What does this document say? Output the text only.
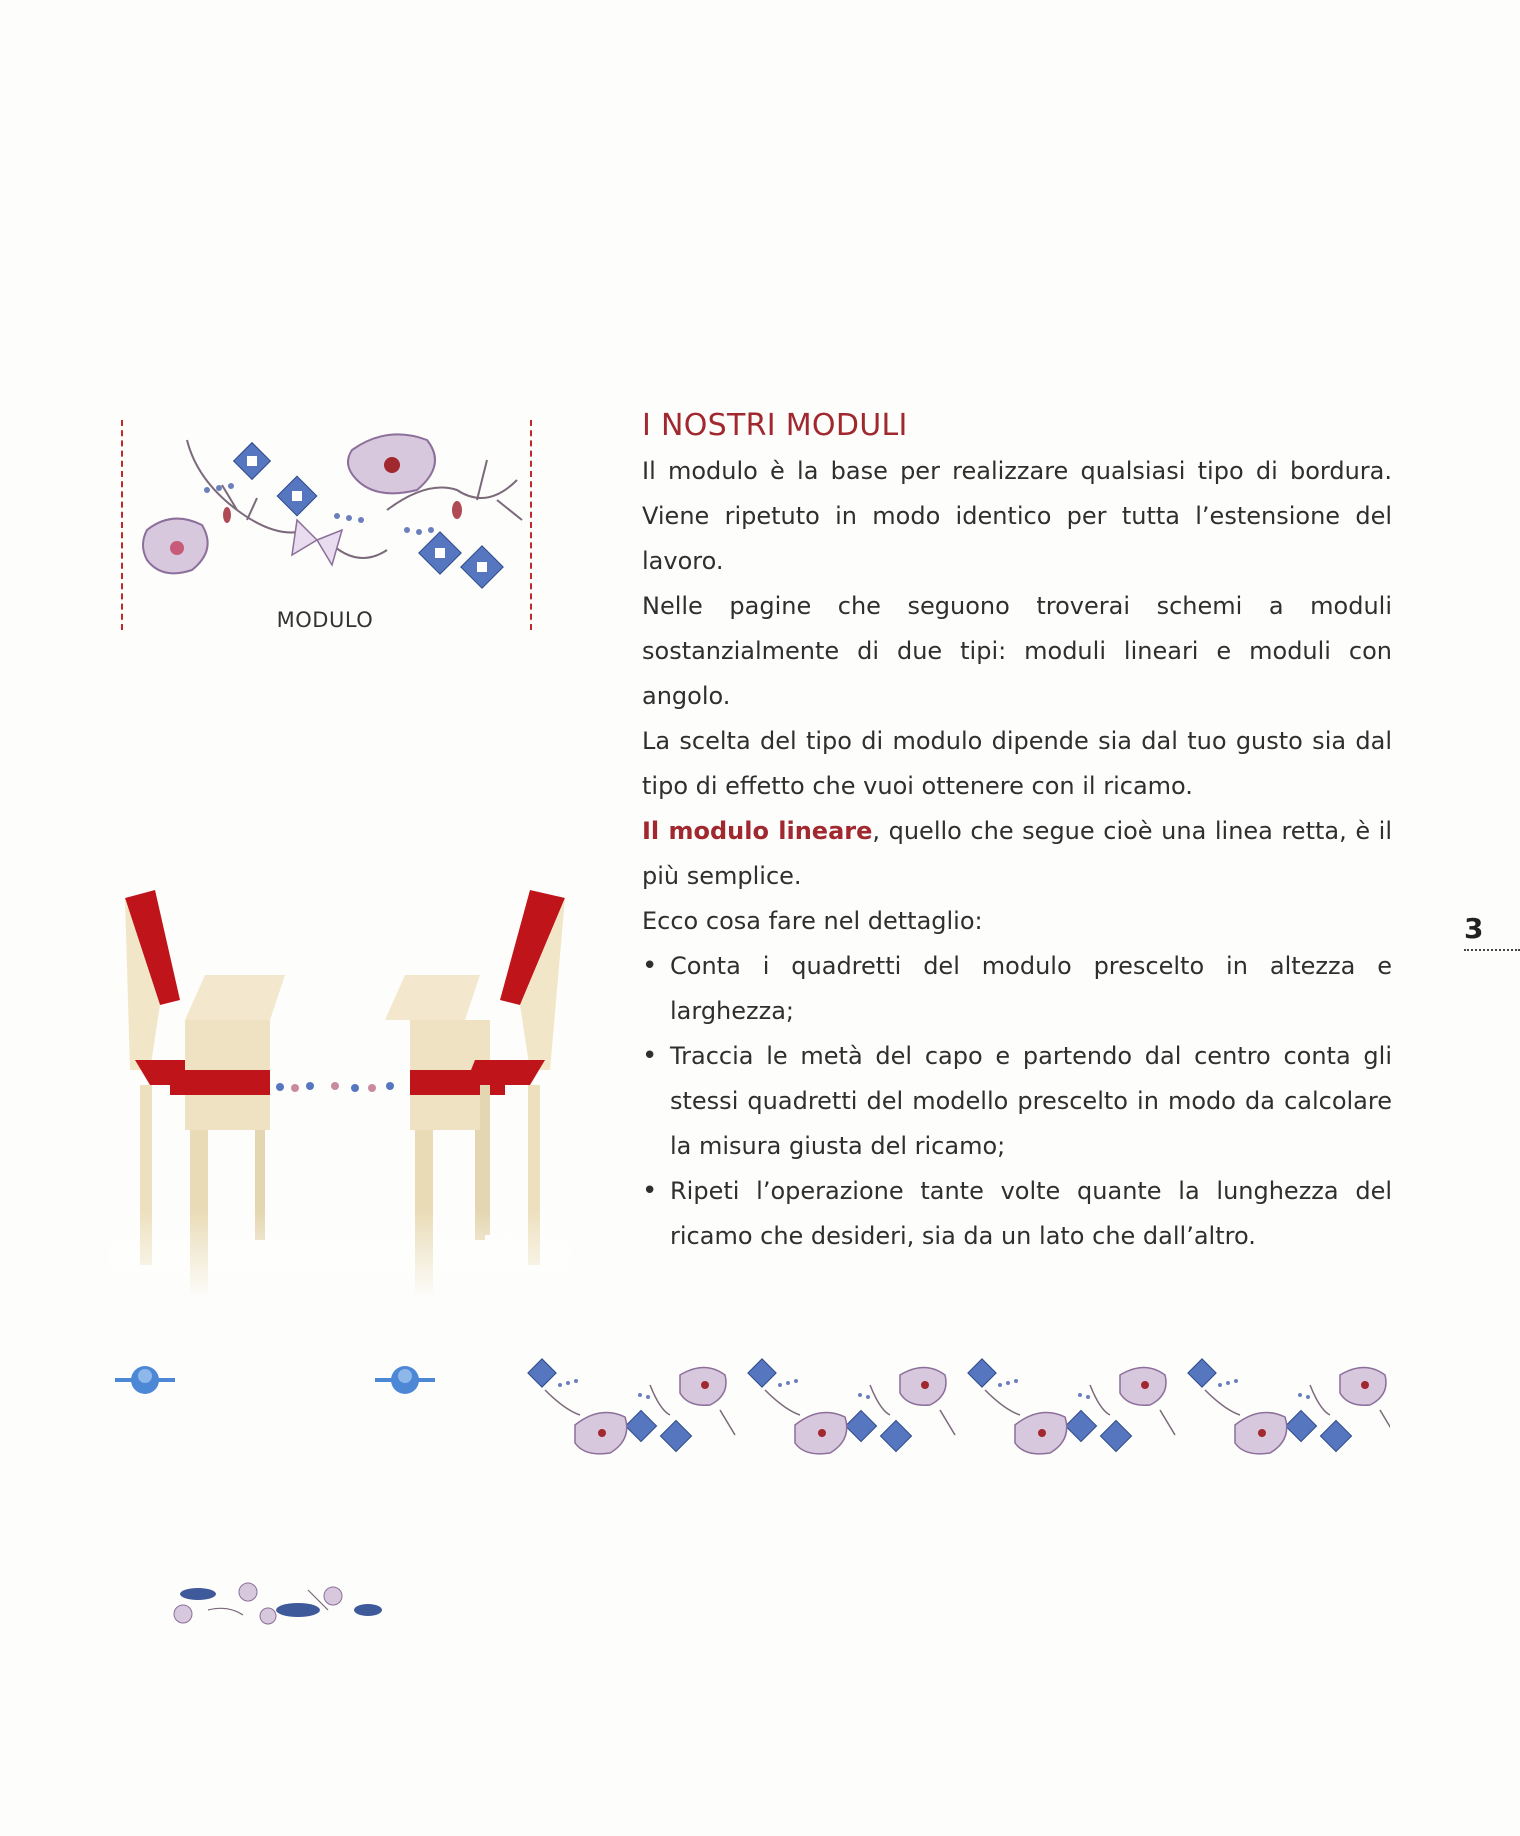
MODULO
I NOSTRI MODULI

Il modulo è la base per realizzare qualsiasi tipo di bordura. Viene ripetuto in modo identico per tutta l’estensione del lavoro.

Nelle pagine che seguono troverai schemi a moduli sostanzialmente di due tipi: moduli lineari e moduli con angolo.

La scelta del tipo di modulo dipende sia dal tuo gusto sia dal tipo di effetto che vuoi ottenere con il ricamo.

Il modulo lineare, quello che segue cioè una linea retta, è il più semplice.

Ecco cosa fare nel dettaglio:

• Conta i quadretti del modulo prescelto in altezza e larghezza;
• Traccia le metà del capo e partendo dal centro conta gli stessi quadretti del modello prescelto in modo da calcolare la misura giusta del ricamo;
• Ripeti l’operazione tante volte quante la lunghezza del ricamo che desideri, sia da un lato che dall’altro.
3
